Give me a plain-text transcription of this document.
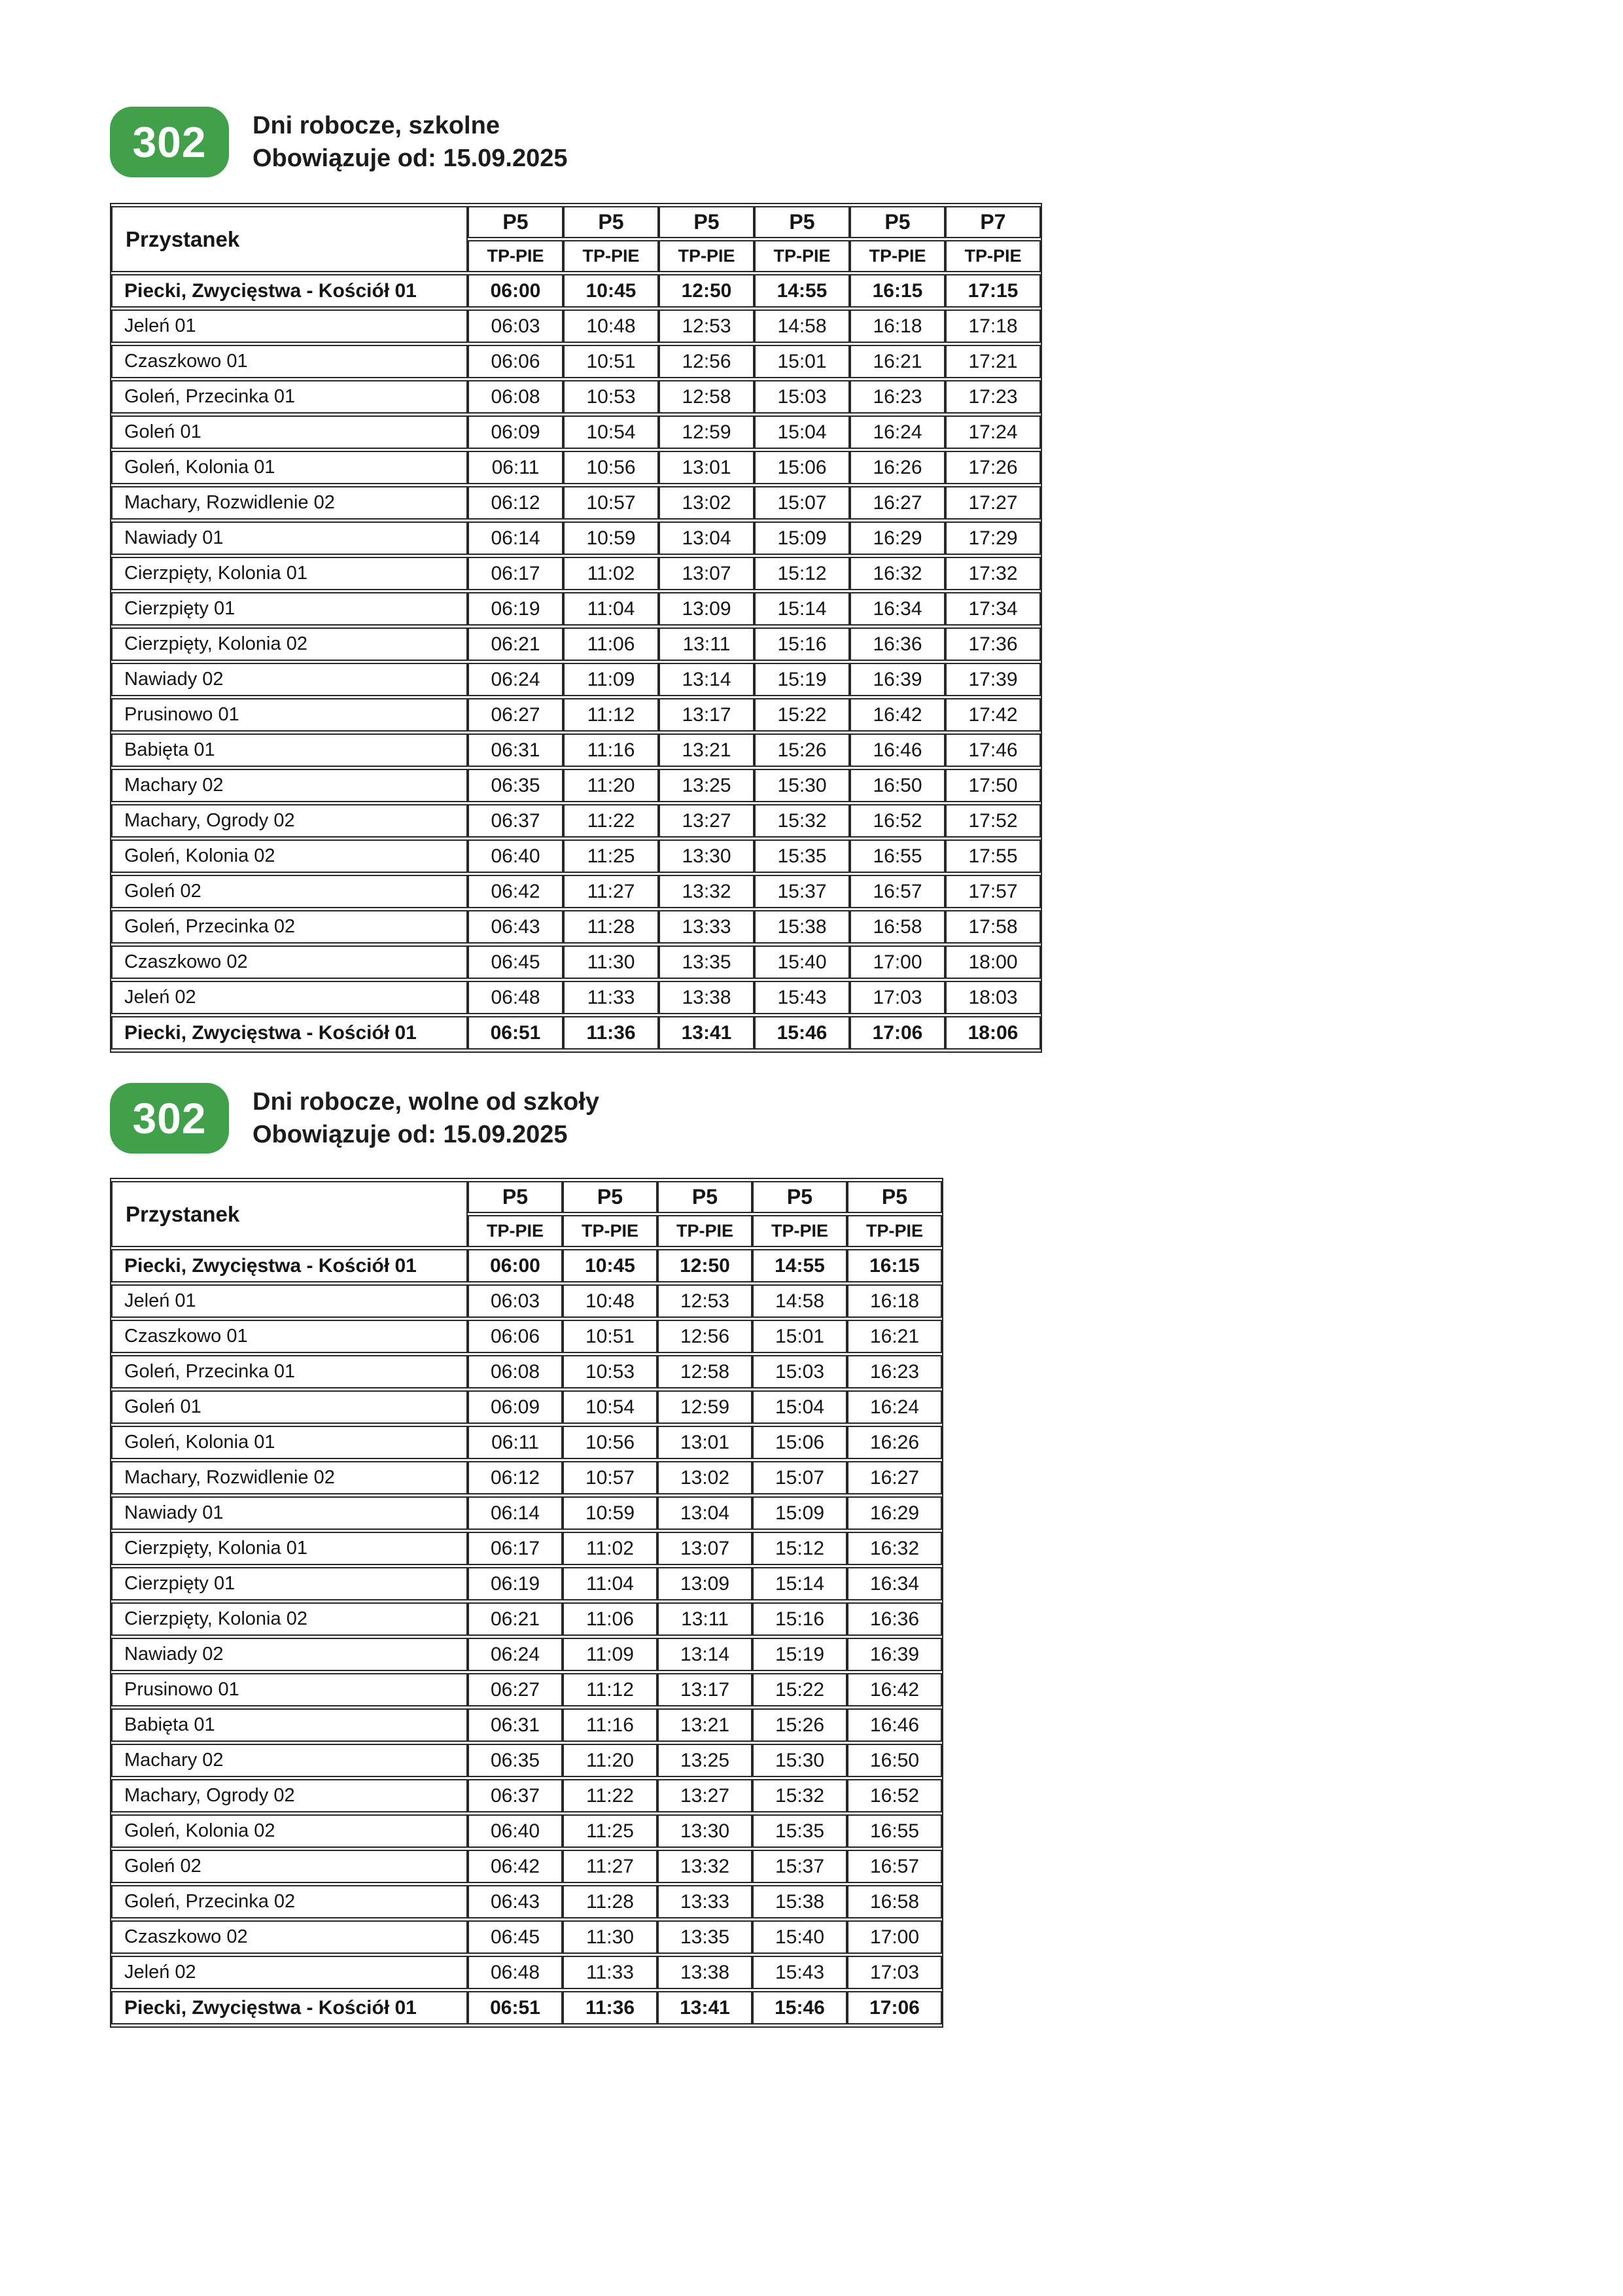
302 Dni robocze, szkolne
Obowiązuje od: 15.09.2025
Przystanek	P5	P5	P5	P5	P5	P7
	TP-PIE	TP-PIE	TP-PIE	TP-PIE	TP-PIE	TP-PIE
Piecki, Zwycięstwa - Kościół 01	06:00	10:45	12:50	14:55	16:15	17:15
Jeleń 01	06:03	10:48	12:53	14:58	16:18	17:18
Czaszkowo 01	06:06	10:51	12:56	15:01	16:21	17:21
Goleń, Przecinka 01	06:08	10:53	12:58	15:03	16:23	17:23
Goleń 01	06:09	10:54	12:59	15:04	16:24	17:24
Goleń, Kolonia 01	06:11	10:56	13:01	15:06	16:26	17:26
Machary, Rozwidlenie 02	06:12	10:57	13:02	15:07	16:27	17:27
Nawiady 01	06:14	10:59	13:04	15:09	16:29	17:29
Cierzpięty, Kolonia 01	06:17	11:02	13:07	15:12	16:32	17:32
Cierzpięty 01	06:19	11:04	13:09	15:14	16:34	17:34
Cierzpięty, Kolonia 02	06:21	11:06	13:11	15:16	16:36	17:36
Nawiady 02	06:24	11:09	13:14	15:19	16:39	17:39
Prusinowo 01	06:27	11:12	13:17	15:22	16:42	17:42
Babięta 01	06:31	11:16	13:21	15:26	16:46	17:46
Machary 02	06:35	11:20	13:25	15:30	16:50	17:50
Machary, Ogrody 02	06:37	11:22	13:27	15:32	16:52	17:52
Goleń, Kolonia 02	06:40	11:25	13:30	15:35	16:55	17:55
Goleń 02	06:42	11:27	13:32	15:37	16:57	17:57
Goleń, Przecinka 02	06:43	11:28	13:33	15:38	16:58	17:58
Czaszkowo 02	06:45	11:30	13:35	15:40	17:00	18:00
Jeleń 02	06:48	11:33	13:38	15:43	17:03	18:03
Piecki, Zwycięstwa - Kościół 01	06:51	11:36	13:41	15:46	17:06	18:06
302 Dni robocze, wolne od szkoły
Obowiązuje od: 15.09.2025
Przystanek	P5	P5	P5	P5	P5
	TP-PIE	TP-PIE	TP-PIE	TP-PIE	TP-PIE
Piecki, Zwycięstwa - Kościół 01	06:00	10:45	12:50	14:55	16:15
Jeleń 01	06:03	10:48	12:53	14:58	16:18
Czaszkowo 01	06:06	10:51	12:56	15:01	16:21
Goleń, Przecinka 01	06:08	10:53	12:58	15:03	16:23
Goleń 01	06:09	10:54	12:59	15:04	16:24
Goleń, Kolonia 01	06:11	10:56	13:01	15:06	16:26
Machary, Rozwidlenie 02	06:12	10:57	13:02	15:07	16:27
Nawiady 01	06:14	10:59	13:04	15:09	16:29
Cierzpięty, Kolonia 01	06:17	11:02	13:07	15:12	16:32
Cierzpięty 01	06:19	11:04	13:09	15:14	16:34
Cierzpięty, Kolonia 02	06:21	11:06	13:11	15:16	16:36
Nawiady 02	06:24	11:09	13:14	15:19	16:39
Prusinowo 01	06:27	11:12	13:17	15:22	16:42
Babięta 01	06:31	11:16	13:21	15:26	16:46
Machary 02	06:35	11:20	13:25	15:30	16:50
Machary, Ogrody 02	06:37	11:22	13:27	15:32	16:52
Goleń, Kolonia 02	06:40	11:25	13:30	15:35	16:55
Goleń 02	06:42	11:27	13:32	15:37	16:57
Goleń, Przecinka 02	06:43	11:28	13:33	15:38	16:58
Czaszkowo 02	06:45	11:30	13:35	15:40	17:00
Jeleń 02	06:48	11:33	13:38	15:43	17:03
Piecki, Zwycięstwa - Kościół 01	06:51	11:36	13:41	15:46	17:06
